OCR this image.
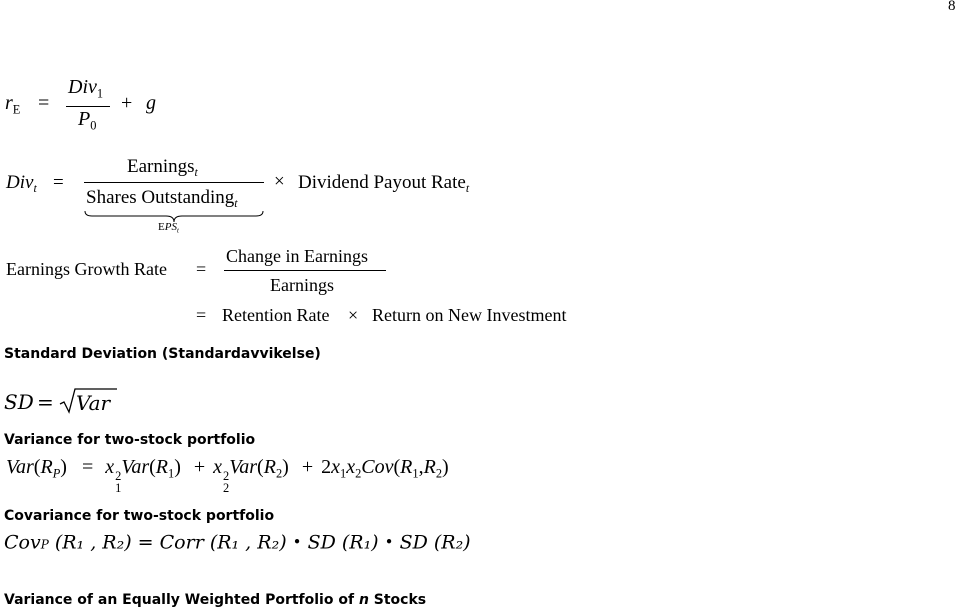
8
$r_E$ =
Div$_1$
$P_0$
+ g
Div$_t$ =
Earnings$_t$
Shares Outstanding$_t$
$EPS_t$
× Dividend Payout Rate$_t$
Earnings Growth Rate =
Change in Earnings
Earnings
= Retention Rate × Return on New Investment
Standard Deviation (Standardavvikelse)
SD = Var
Variance for two-stock portfolio
$Var(R_P) = x$ 2
1
$Var(R_1) + x$ 2
2
$Var(R_2) + 2x_1x_2Cov(R_1,R_2)$
Covariance for two-stock portfolio
CovP (R₁ , R₂) = Corr (R₁ , R₂) • SD (R₁) • SD (R₂)
Variance of an Equally Weighted Portfolio of n Stocks
